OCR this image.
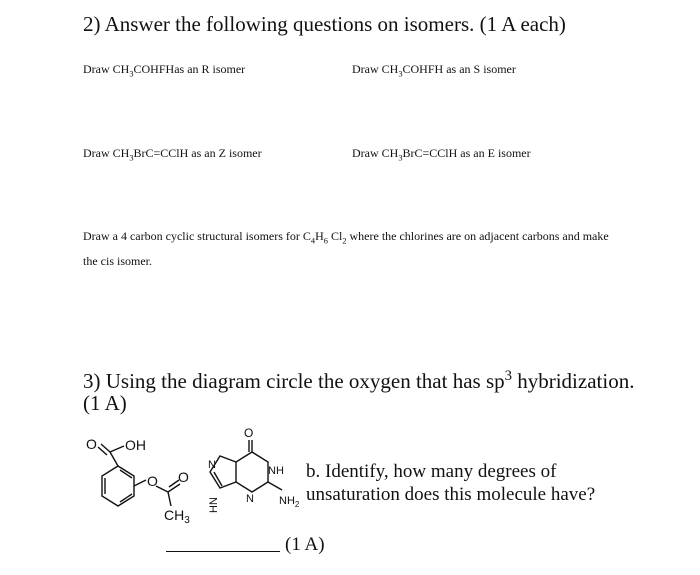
2) Answer the following questions on isomers. (1 A each)
Draw $CH_3COHFHas$ an R isomer	Draw $CH_3COHFH$ as an S isomer
Draw $CH_3BrC=CClH$ as an Z isomer	Draw $CH_3BrC=CClH$ as an E isomer
Draw a 4 carbon cyclic structural isomers for $C_4H_6$ $Cl_2$ where the chlorines are on adjacent carbons and make the cis isomer.
3) Using the diagram circle the oxygen that has $sp^3$ hybridization. (1 A)
O OH
O O
$CH_3$
O
N	NH
N $NH_2$
N
H
b. Identify, how many degrees of unsaturation does this molecule have?
(1 A)
